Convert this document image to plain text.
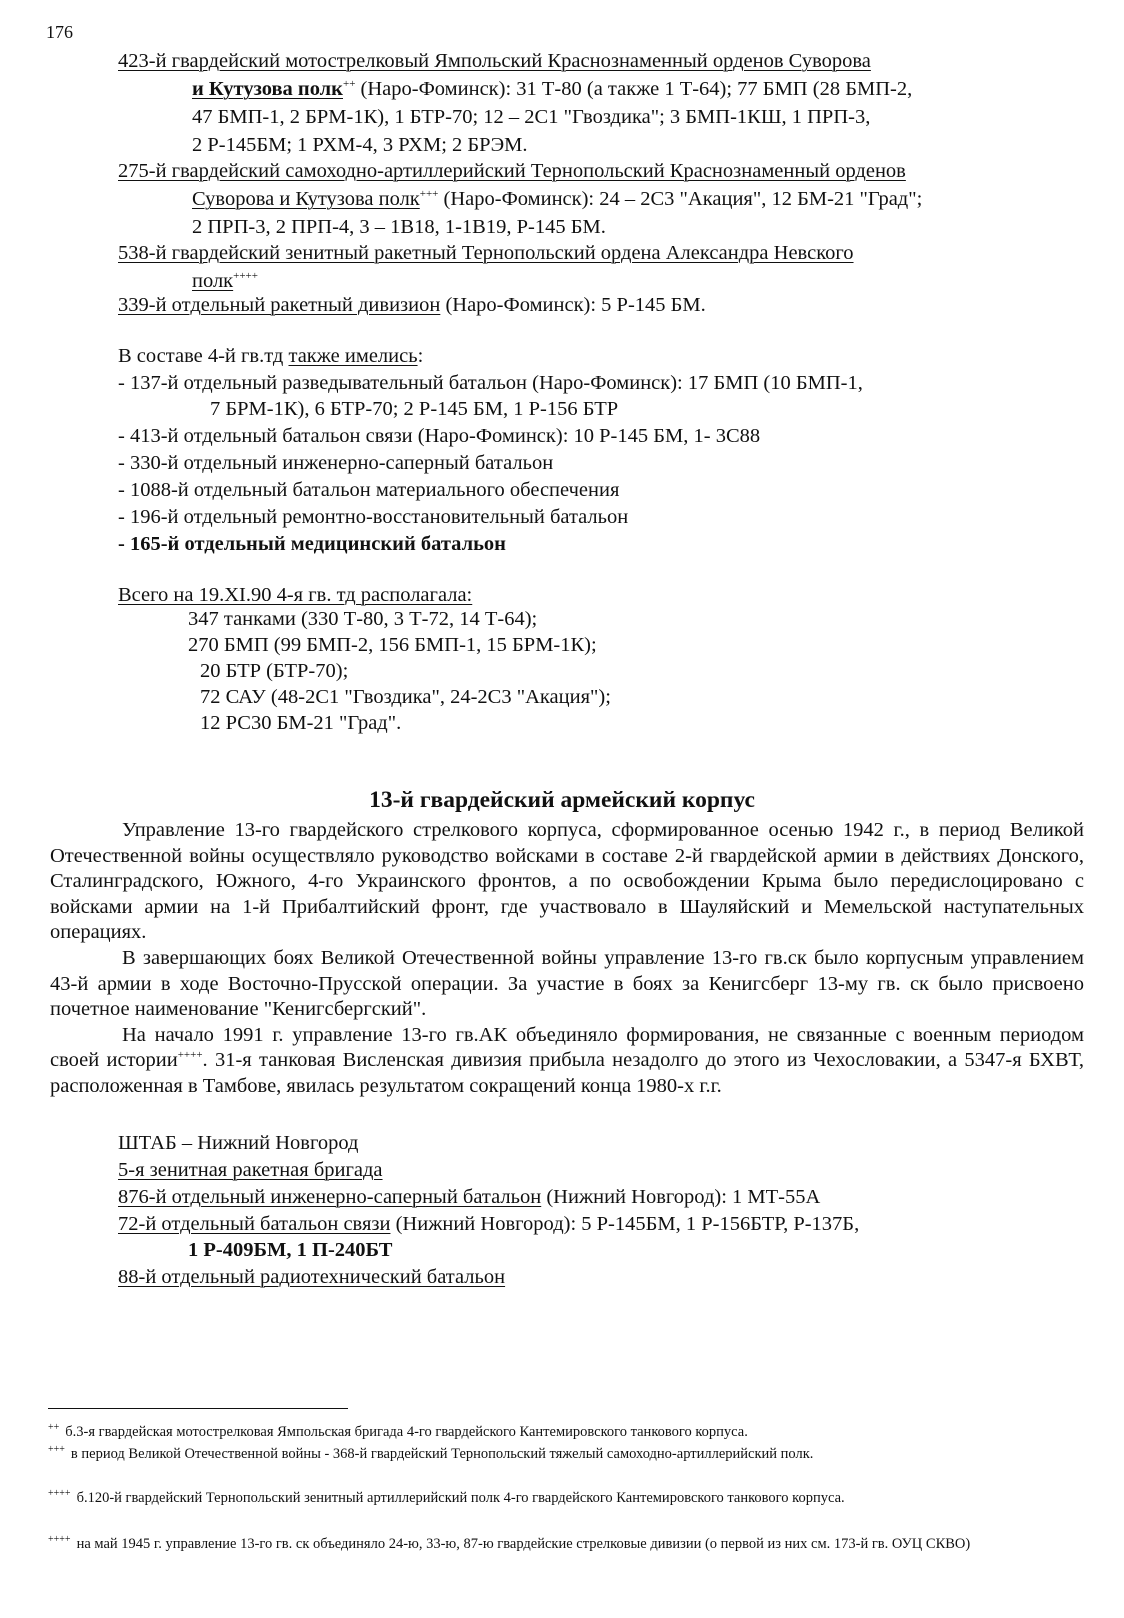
176
423-й гвардейский мотострелковый Ямпольский Краснознаменный орденов Суворова
и Кутузова полк++ (Наро-Фоминск): 31 Т-80 (а также 1 Т-64); 77 БМП (28 БМП-2,
47 БМП-1, 2 БРМ-1К), 1 БТР-70; 12 – 2С1 "Гвоздика"; 3 БМП-1КШ, 1 ПРП-3,
2 Р-145БМ; 1 РХМ-4, 3 РХМ; 2 БРЭМ.
275-й гвардейский самоходно-артиллерийский Тернопольский Краснознаменный орденов
Суворова и Кутузова полк+++ (Наро-Фоминск): 24 – 2С3 "Акация", 12 БМ-21 "Град";
2 ПРП-3, 2 ПРП-4, 3 – 1В18, 1-1В19, Р-145 БМ.
538-й гвардейский зенитный ракетный Тернопольский ордена Александра Невского
полк++++
339-й отдельный ракетный дивизион (Наро-Фоминск): 5 Р-145 БМ.
В составе 4-й гв.тд также имелись:
- 137-й отдельный разведывательный батальон (Наро-Фоминск): 17 БМП (10 БМП-1,
7 БРМ-1К), 6 БТР-70; 2 Р-145 БМ, 1 Р-156 БТР
- 413-й отдельный батальон связи (Наро-Фоминск): 10 Р-145 БМ, 1- 3С88
- 330-й отдельный инженерно-саперный батальон
- 1088-й отдельный батальон материального обеспечения
- 196-й отдельный ремонтно-восстановительный батальон
- 165-й отдельный медицинский батальон
Всего на 19.XI.90 4-я гв. тд располагала:
347 танками (330 Т-80, 3 Т-72, 14 Т-64);
270 БМП (99 БМП-2, 156 БМП-1, 15 БРМ-1К);
20 БТР (БТР-70);
72 САУ (48-2С1 "Гвоздика", 24-2С3 "Акация");
12 РС30 БМ-21 "Град".
13-й гвардейский армейский корпус

Управление 13-го гвардейского стрелкового корпуса, сформированное осенью 1942 г., в период Великой Отечественной войны осуществляло руководство войсками в составе 2-й гвардейской армии в действиях Донского, Сталинградского, Южного, 4-го Украинского фронтов, а по освобождении Крыма было передислоцировано с войсками армии на 1-й Прибалтийский фронт, где участвовало в Шауляйский и Мемельской наступательных операциях.

В завершающих боях Великой Отечественной войны управление 13-го гв.ск было корпусным управлением 43-й армии в ходе Восточно-Прусской операции. За участие в боях за Кенигсберг 13-му гв. ск было присвоено почетное наименование "Кенигсбергский".

На начало 1991 г. управление 13-го гв.АК объединяло формирования, не связанные с военным периодом своей истории++++. 31-я танковая Висленская дивизия прибыла незадолго до этого из Чехословакии, а 5347-я БХВТ, расположенная в Тамбове, явилась результатом сокращений конца 1980-х г.г.

ШТАБ – Нижний Новгород
5-я зенитная ракетная бригада
876-й отдельный инженерно-саперный батальон (Нижний Новгород): 1 МТ-55А
72-й отдельный батальон связи (Нижний Новгород): 5 Р-145БМ, 1 Р-156БТР, Р-137Б,
1 Р-409БМ, 1 П-240БТ
88-й отдельный радиотехнический батальон
++ б.3-я гвардейская мотострелковая Ямпольская бригада 4-го гвардейского Кантемировского танкового корпуса.
+++ в период Великой Отечественной войны - 368-й гвардейский Тернопольский тяжелый самоходно-артиллерийский полк.
++++ б.120-й гвардейский Тернопольский зенитный артиллерийский полк 4-го гвардейского Кантемировского танкового корпуса.
++++ на май 1945 г. управление 13-го гв. ск объединяло 24-ю, 33-ю, 87-ю гвардейские стрелковые дивизии (о первой из них см. 173-й гв. ОУЦ СКВО)
